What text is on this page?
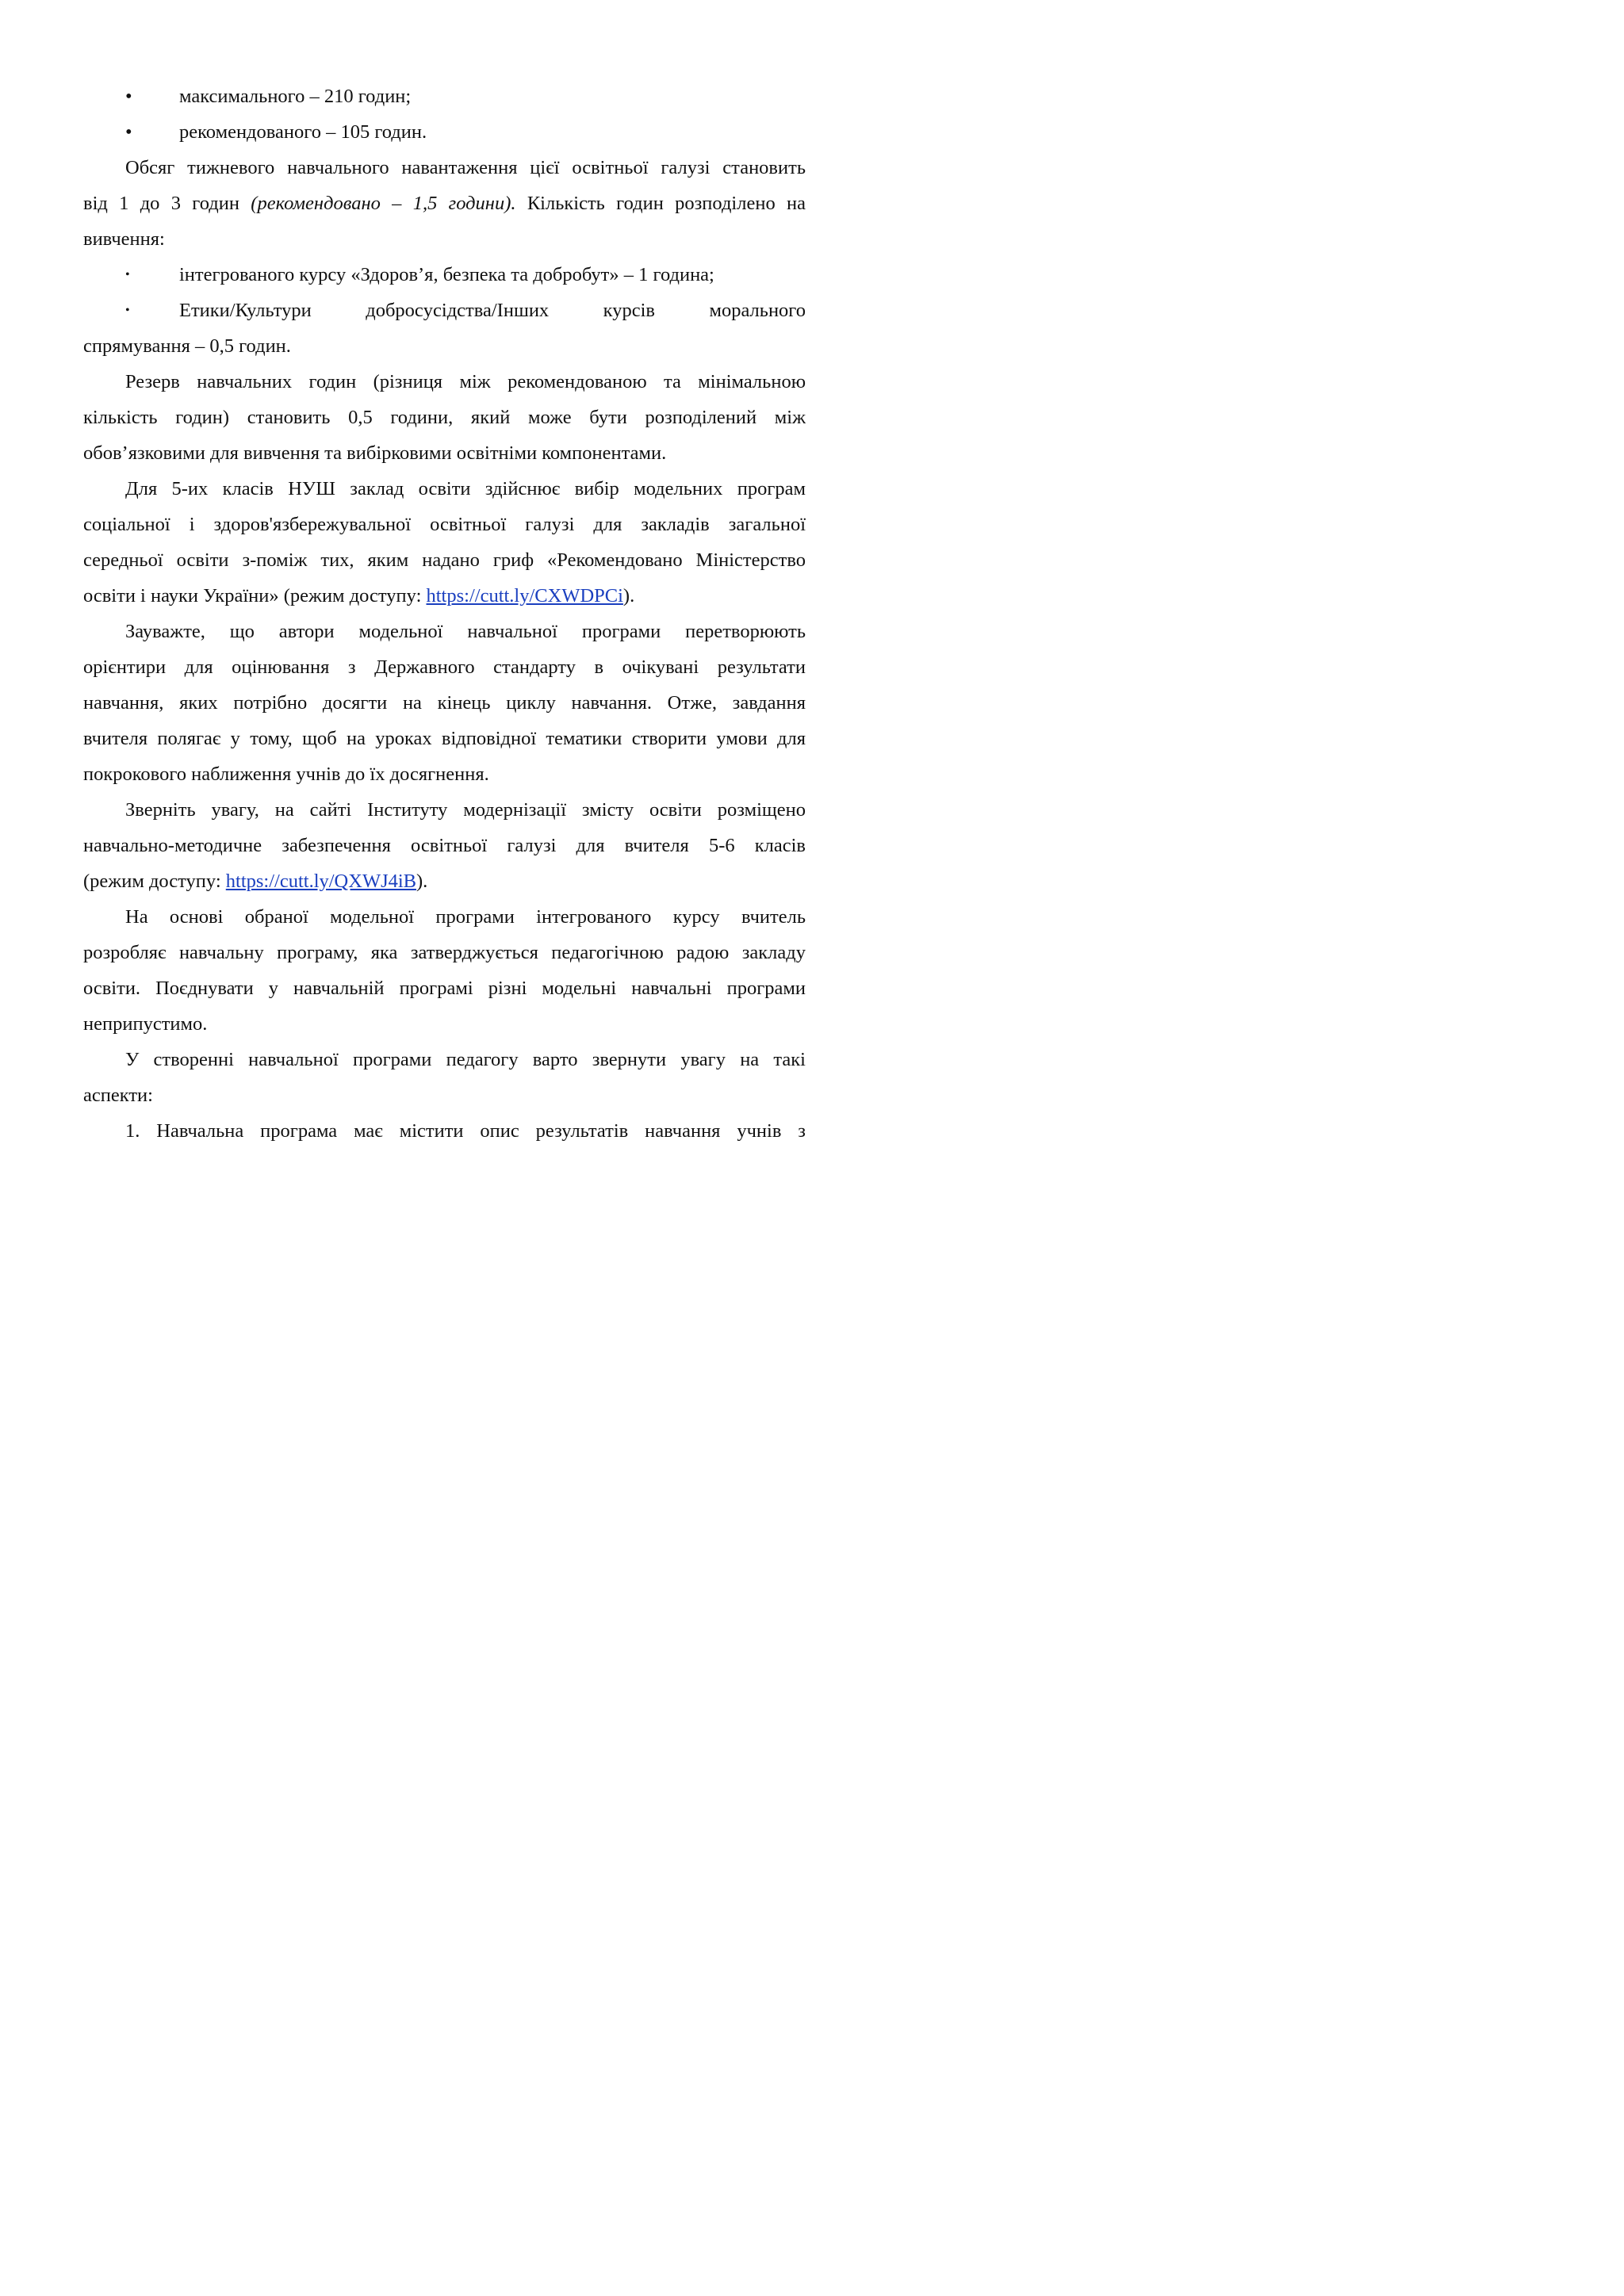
•	максимального – 210 годин;
•	рекомендованого – 105 годин.
Обсяг тижневого навчального навантаження цієї освітньої галузі становить
від 1 до 3 годин (рекомендовано – 1,5 години). Кількість годин розподілено на
вивчення:
•	інтегрованого курсу «Здоров’я, безпека та добробут» – 1 година;
•	Етики/Культури доброcусідства/Інших курсів морального
спрямування – 0,5 годин.
Резерв навчальних годин (різниця між рекомендованою та мінімальною
кількість годин) становить 0,5 години, який може бути розподілений між
обов’язковими для вивчення та вибірковими освітніми компонентами.
Для 5-их класів НУШ заклад освіти здійснює вибір модельних програм
соціальної і здоров'язбережувальної освітньої галузі для закладів загальної
середньої освіти з-поміж тих, яким надано гриф «Рекомендовано Міністерство
освіти і науки України» (режим доступу: https://cutt.ly/CXWDPCi).
Зауважте, що автори модельної навчальної програми перетворюють
орієнтири для оцінювання з Державного стандарту в очікувані результати
навчання, яких потрібно досягти на кінець циклу навчання. Отже, завдання
вчителя полягає у тому, щоб на уроках відповідної тематики створити умови для
покрокового наближення учнів до їх досягнення.
Зверніть увагу, на сайті Інституту модернізації змісту освіти розміщено
навчально-методичне забезпечення освітньої галузі для вчителя 5-6 класів
(режим доступу: https://cutt.ly/QXWJ4iB).
На основі обраної модельної програми інтегрованого курсу вчитель
розробляє навчальну програму, яка затверджується педагогічною радою закладу
освіти. Поєднувати у навчальній програмі різні модельні навчальні програми
неприпустимо.
У створенні навчальної програми педагогу варто звернути увагу на такі
аспекти:
1. Навчальна програма має містити опис результатів навчання учнів з
